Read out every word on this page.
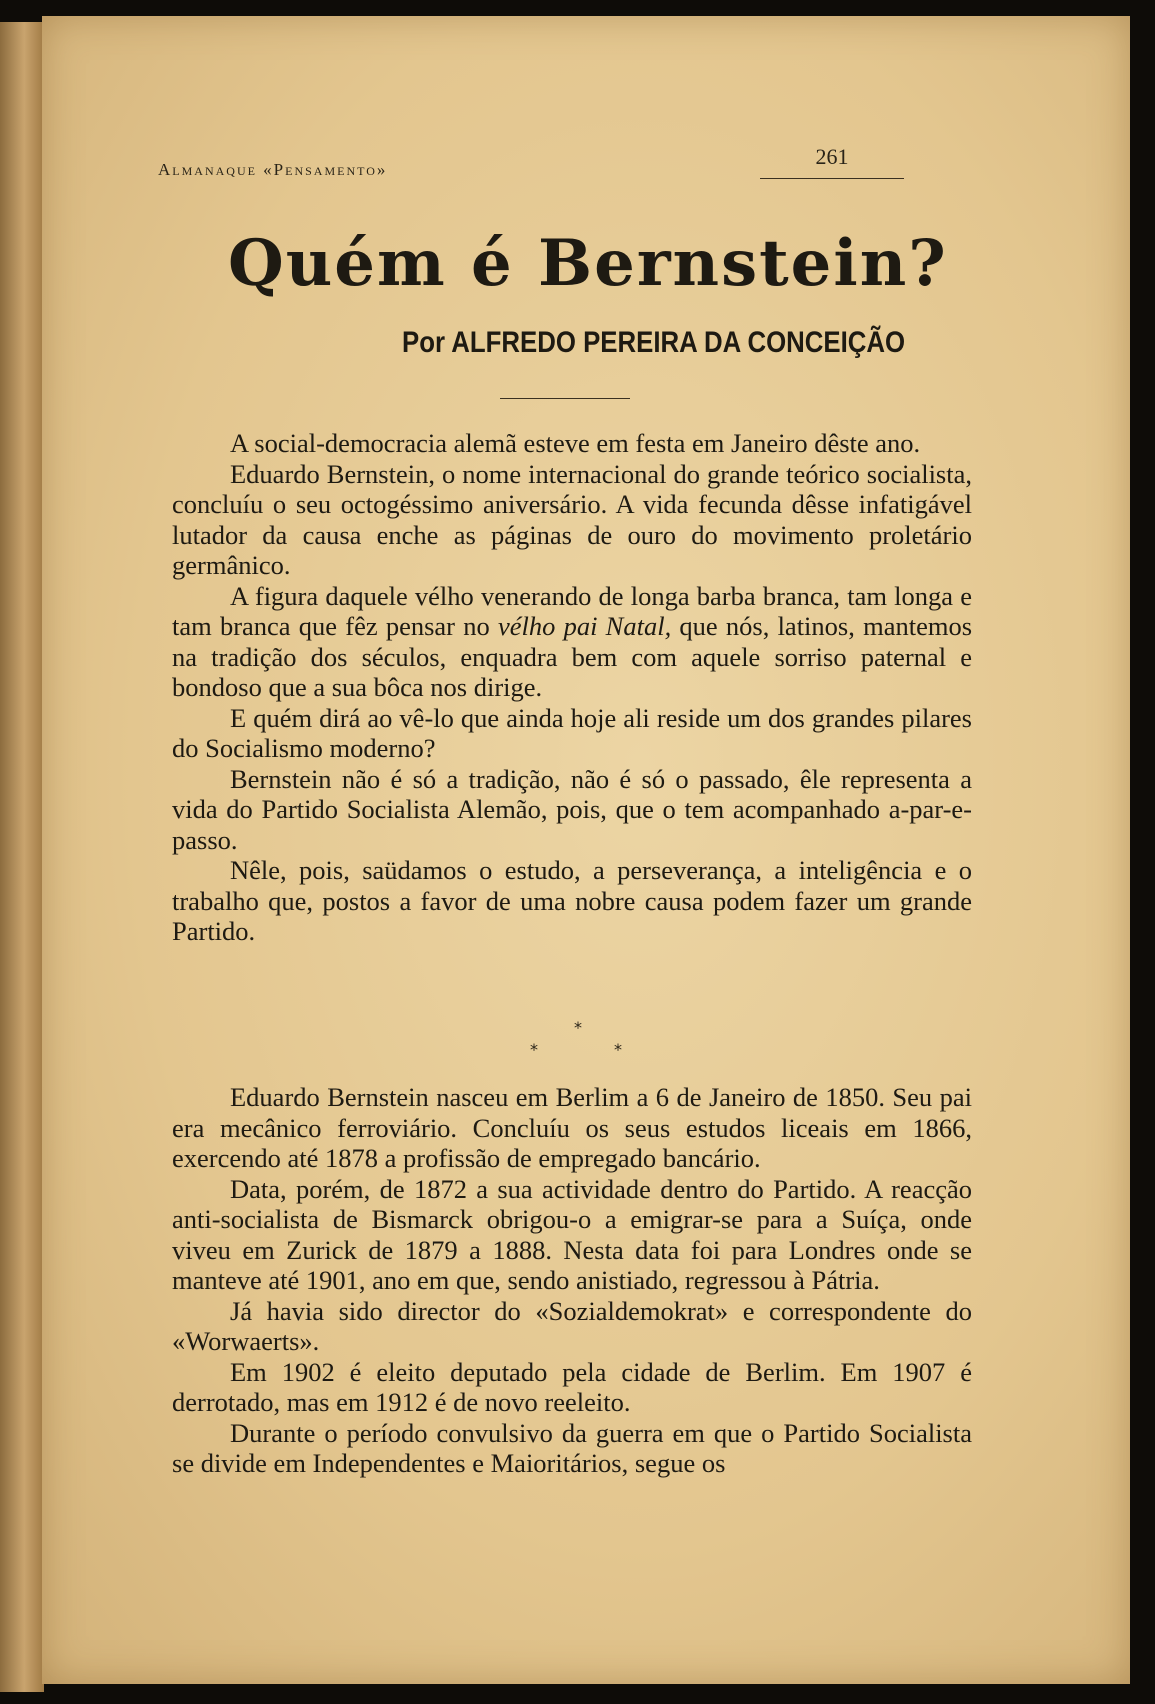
Almanaque «Pensamento»
261
Quém é Bernstein?
Por ALFREDO PEREIRA DA CONCEIÇÃO

A social-democracia alemã esteve em festa em Janeiro dêste ano.

Eduardo Bernstein, o nome internacional do grande teórico socialista, concluíu o seu octogéssimo aniversário. A vida fecunda dêsse infatigável lutador da causa enche as páginas de ouro do movimento proletário germânico.

A figura daquele vélho venerando de longa barba branca, tam longa e tam branca que fêz pensar no vélho pai Natal, que nós, latinos, mantemos na tradição dos séculos, enquadra bem com aquele sorriso paternal e bondoso que a sua bôca nos dirige.

E quém dirá ao vê-lo que ainda hoje ali reside um dos grandes pilares do Socialismo moderno?

Bernstein não é só a tradição, não é só o passado, êle representa a vida do Partido Socialista Alemão, pois, que o tem acompanhado a-par-e-passo.

Nêle, pois, saüdamos o estudo, a perseverança, a inteligência e o trabalho que, postos a favor de uma nobre causa podem fazer um grande Partido.

*
*	*

Eduardo Bernstein nasceu em Berlim a 6 de Janeiro de 1850. Seu pai era mecânico ferroviário. Concluíu os seus estudos liceais em 1866, exercendo até 1878 a profissão de empregado bancário.

Data, porém, de 1872 a sua actividade dentro do Partido. A reacção anti-socialista de Bismarck obrigou-o a emigrar-se para a Suíça, onde viveu em Zurick de 1879 a 1888. Nesta data foi para Londres onde se manteve até 1901, ano em que, sendo anistiado, regressou à Pátria.

Já havia sido director do «Sozialdemokrat» e correspondente do «Worwaerts».

Em 1902 é eleito deputado pela cidade de Berlim. Em 1907 é derrotado, mas em 1912 é de novo reeleito.

Durante o período convulsivo da guerra em que o Partido Socialista se divide em Independentes e Maioritários, segue os
